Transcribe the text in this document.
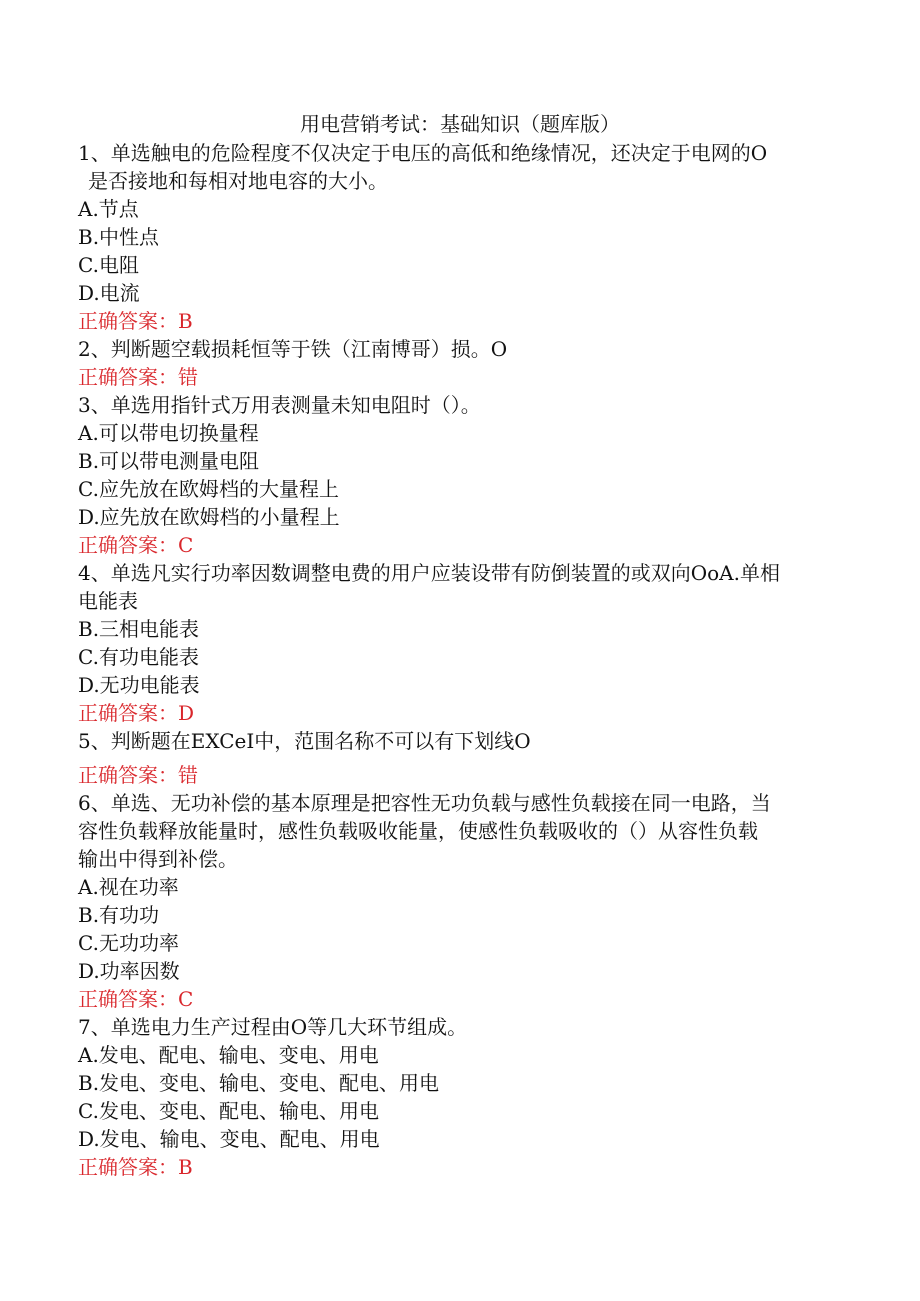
用电营销考试：基础知识（题库版）
1、单选触电的危险程度不仅决定于电压的高低和绝缘情况，还决定于电网的O
是否接地和每相对地电容的大小。
A.节点
B.中性点
C.电阻
D.电流
正确答案：B
2、判断题空载损耗恒等于铁（江南博哥）损。O
正确答案：错
3、单选用指针式万用表测量未知电阻时（）。
A.可以带电切换量程
B.可以带电测量电阻
C.应先放在欧姆档的大量程上
D.应先放在欧姆档的小量程上
正确答案：C
4、单选凡实行功率因数调整电费的用户应装设带有防倒装置的或双向OoA.单相
电能表
B.三相电能表
C.有功电能表
D.无功电能表
正确答案：D
5、判断题在EXCeI中，范围名称不可以有下划线O
正确答案：错
6、单选、无功补偿的基本原理是把容性无功负载与感性负载接在同一电路，当
容性负载释放能量时，感性负载吸收能量，使感性负载吸收的（）从容性负载
输出中得到补偿。
A.视在功率
B.有功功
C.无功功率
D.功率因数
正确答案：C
7、单选电力生产过程由O等几大环节组成。
A.发电、配电、输电、变电、用电
B.发电、变电、输电、变电、配电、用电
C.发电、变电、配电、输电、用电
D.发电、输电、变电、配电、用电
正确答案：B
